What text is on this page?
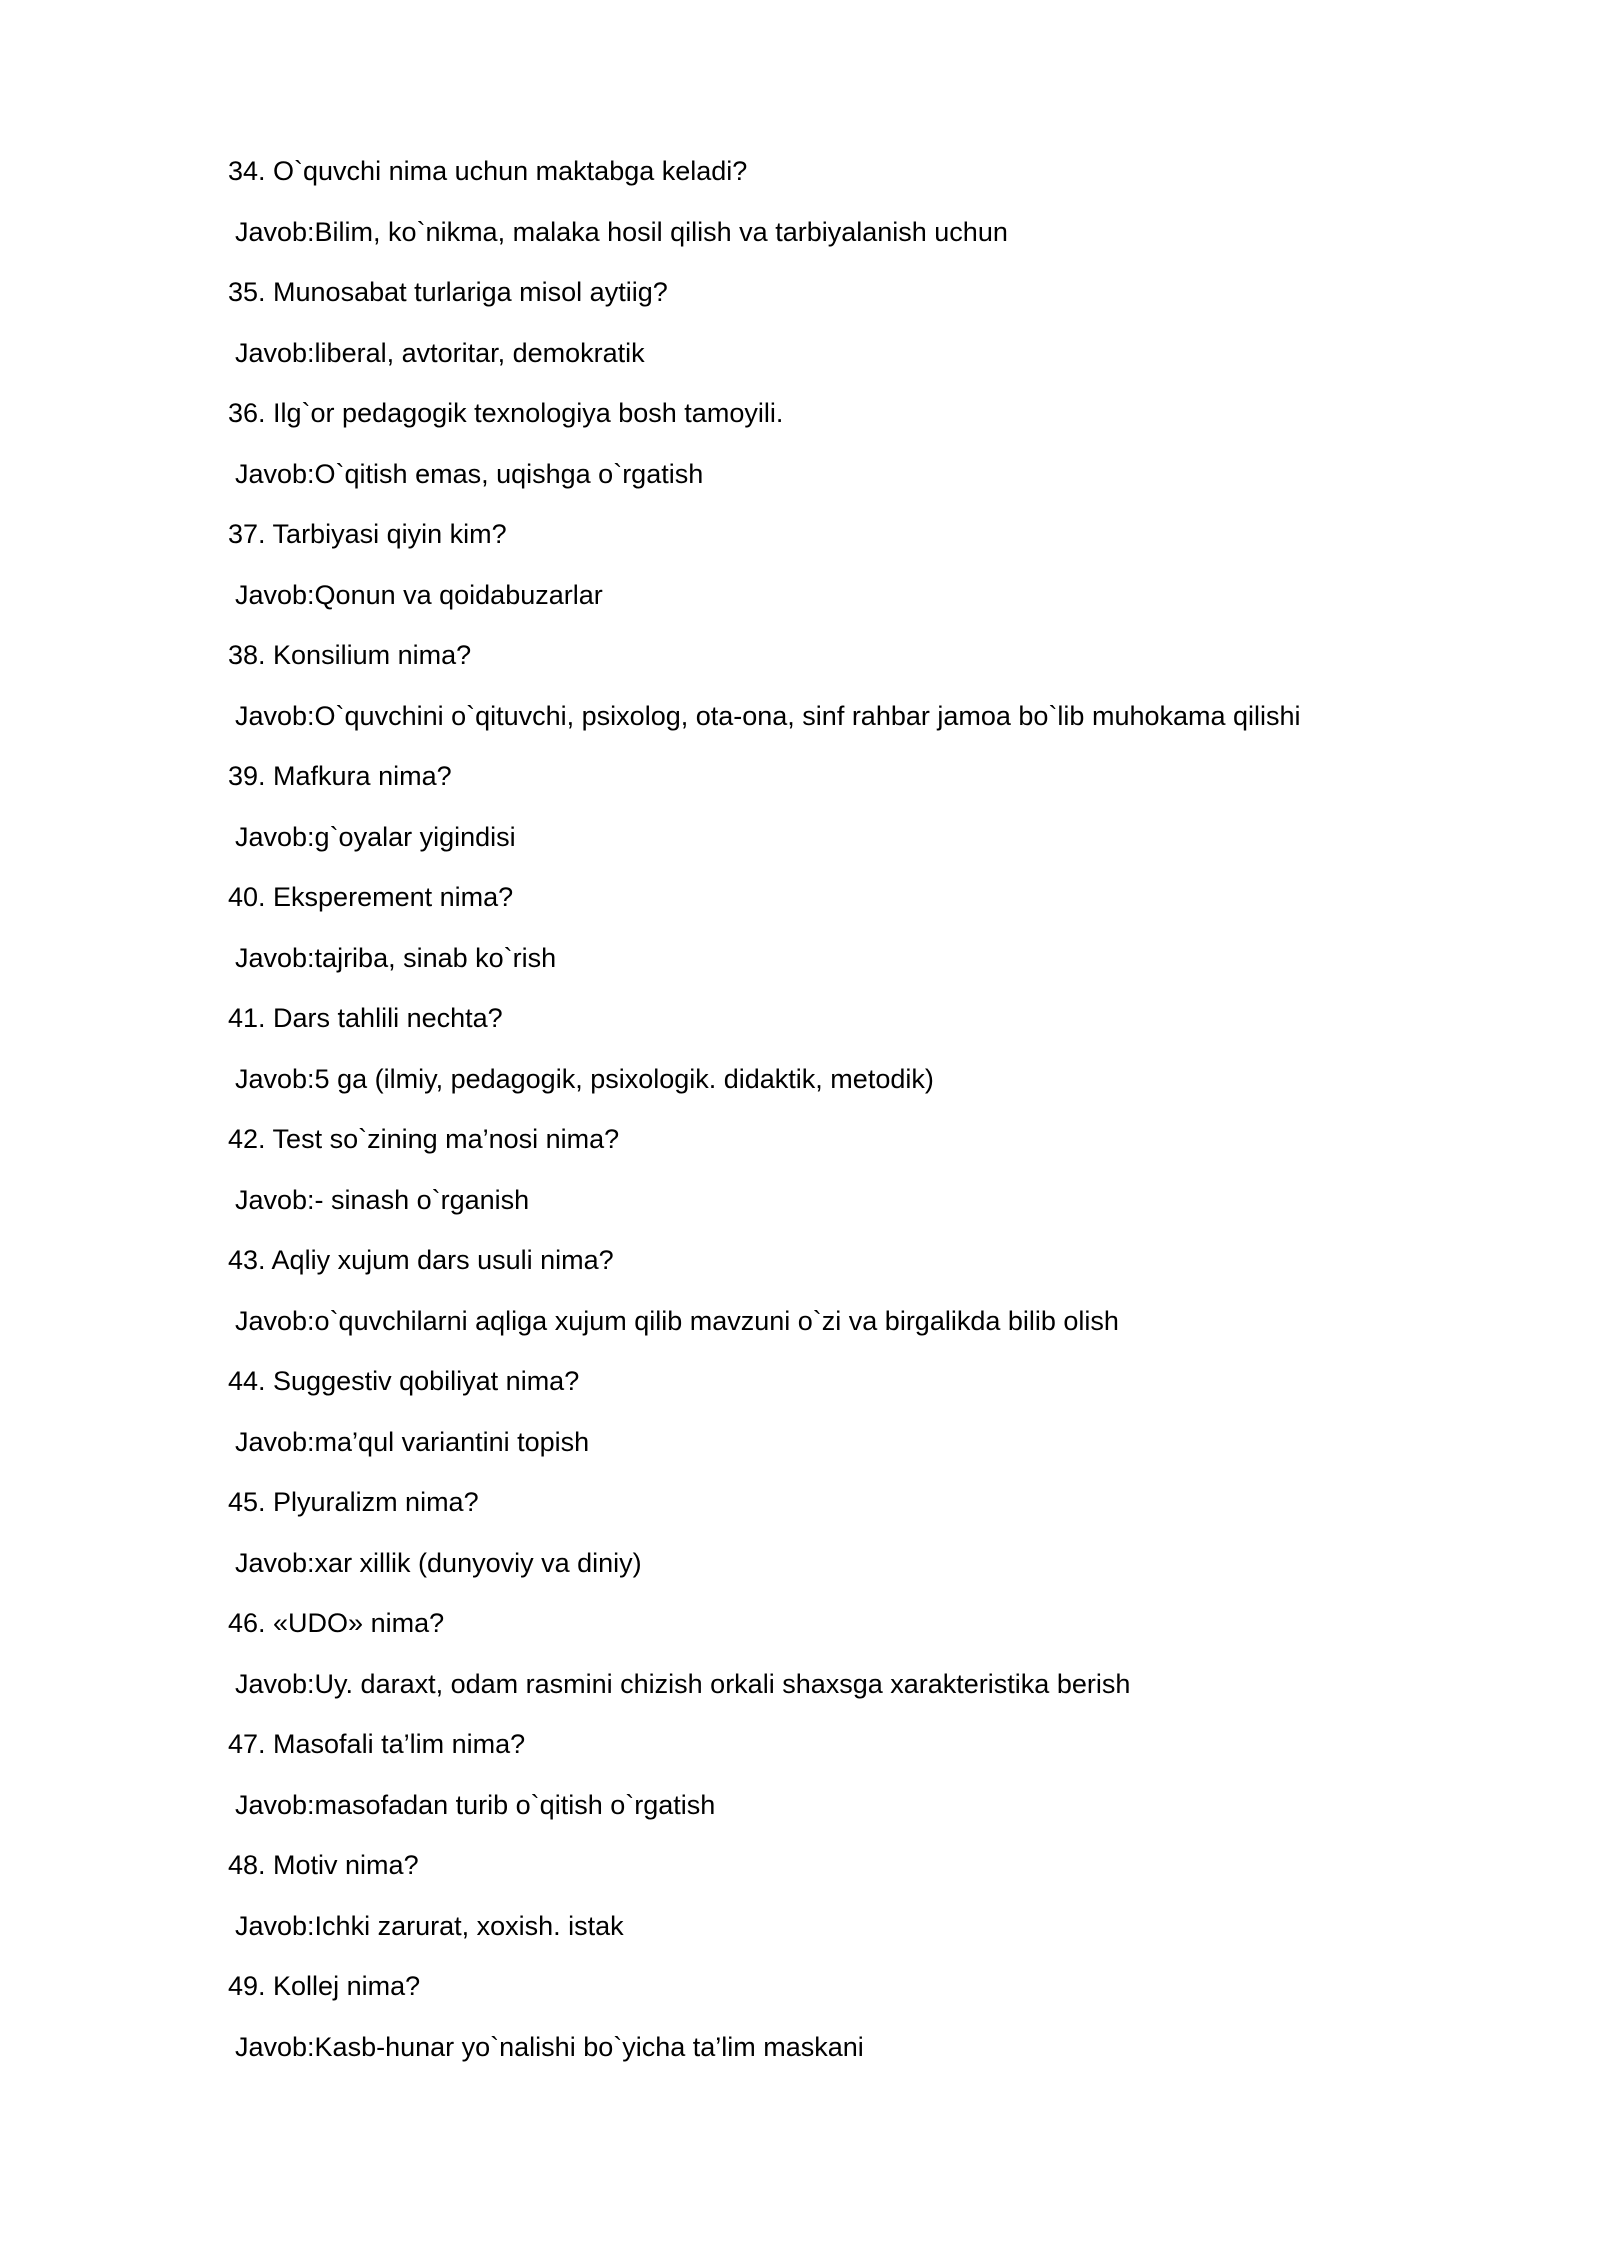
34. O`quvchi nima uchun maktabga keladi?
Javob:Bilim, ko`nikma, malaka hosil qilish va tarbiyalanish uchun
35. Munosabat turlariga misol aytiig?
Javob:liberal, avtoritar, demokratik
36. Ilg`or pedagogik texnologiya bosh tamoyili.
Javob:O`qitish emas, uqishga o`rgatish
37. Tarbiyasi qiyin kim?
Javob:Qonun va qoidabuzarlar
38. Konsilium nima?
Javob:O`quvchini o`qituvchi, psixolog, ota-ona, sinf rahbar jamoa bo`lib muhokama qilishi
39. Mafkura nima?
Javob:g`oyalar yigindisi
40. Eksperement nima?
Javob:tajriba, sinab ko`rish
41. Dars tahlili nechta?
Javob:5 ga (ilmiy, pedagogik, psixologik. didaktik, metodik)
42. Test so`zining ma’nosi nima?
Javob:- sinash o`rganish
43. Aqliy xujum dars usuli nima?
Javob:o`quvchilarni aqliga xujum qilib mavzuni o`zi va birgalikda bilib olish
44. Suggestiv qobiliyat nima?
Javob:ma’qul variantini topish
45. Plyuralizm nima?
Javob:xar xillik (dunyoviy va diniy)
46. «UDO» nima?
Javob:Uy. daraxt, odam rasmini chizish orkali shaxsga xarakteristika berish
47. Masofali ta’lim nima?
Javob:masofadan turib o`qitish o`rgatish
48. Motiv nima?
Javob:Ichki zarurat, xoxish. istak
49. Kollej nima?
Javob:Kasb-hunar yo`nalishi bo`yicha ta’lim maskani
